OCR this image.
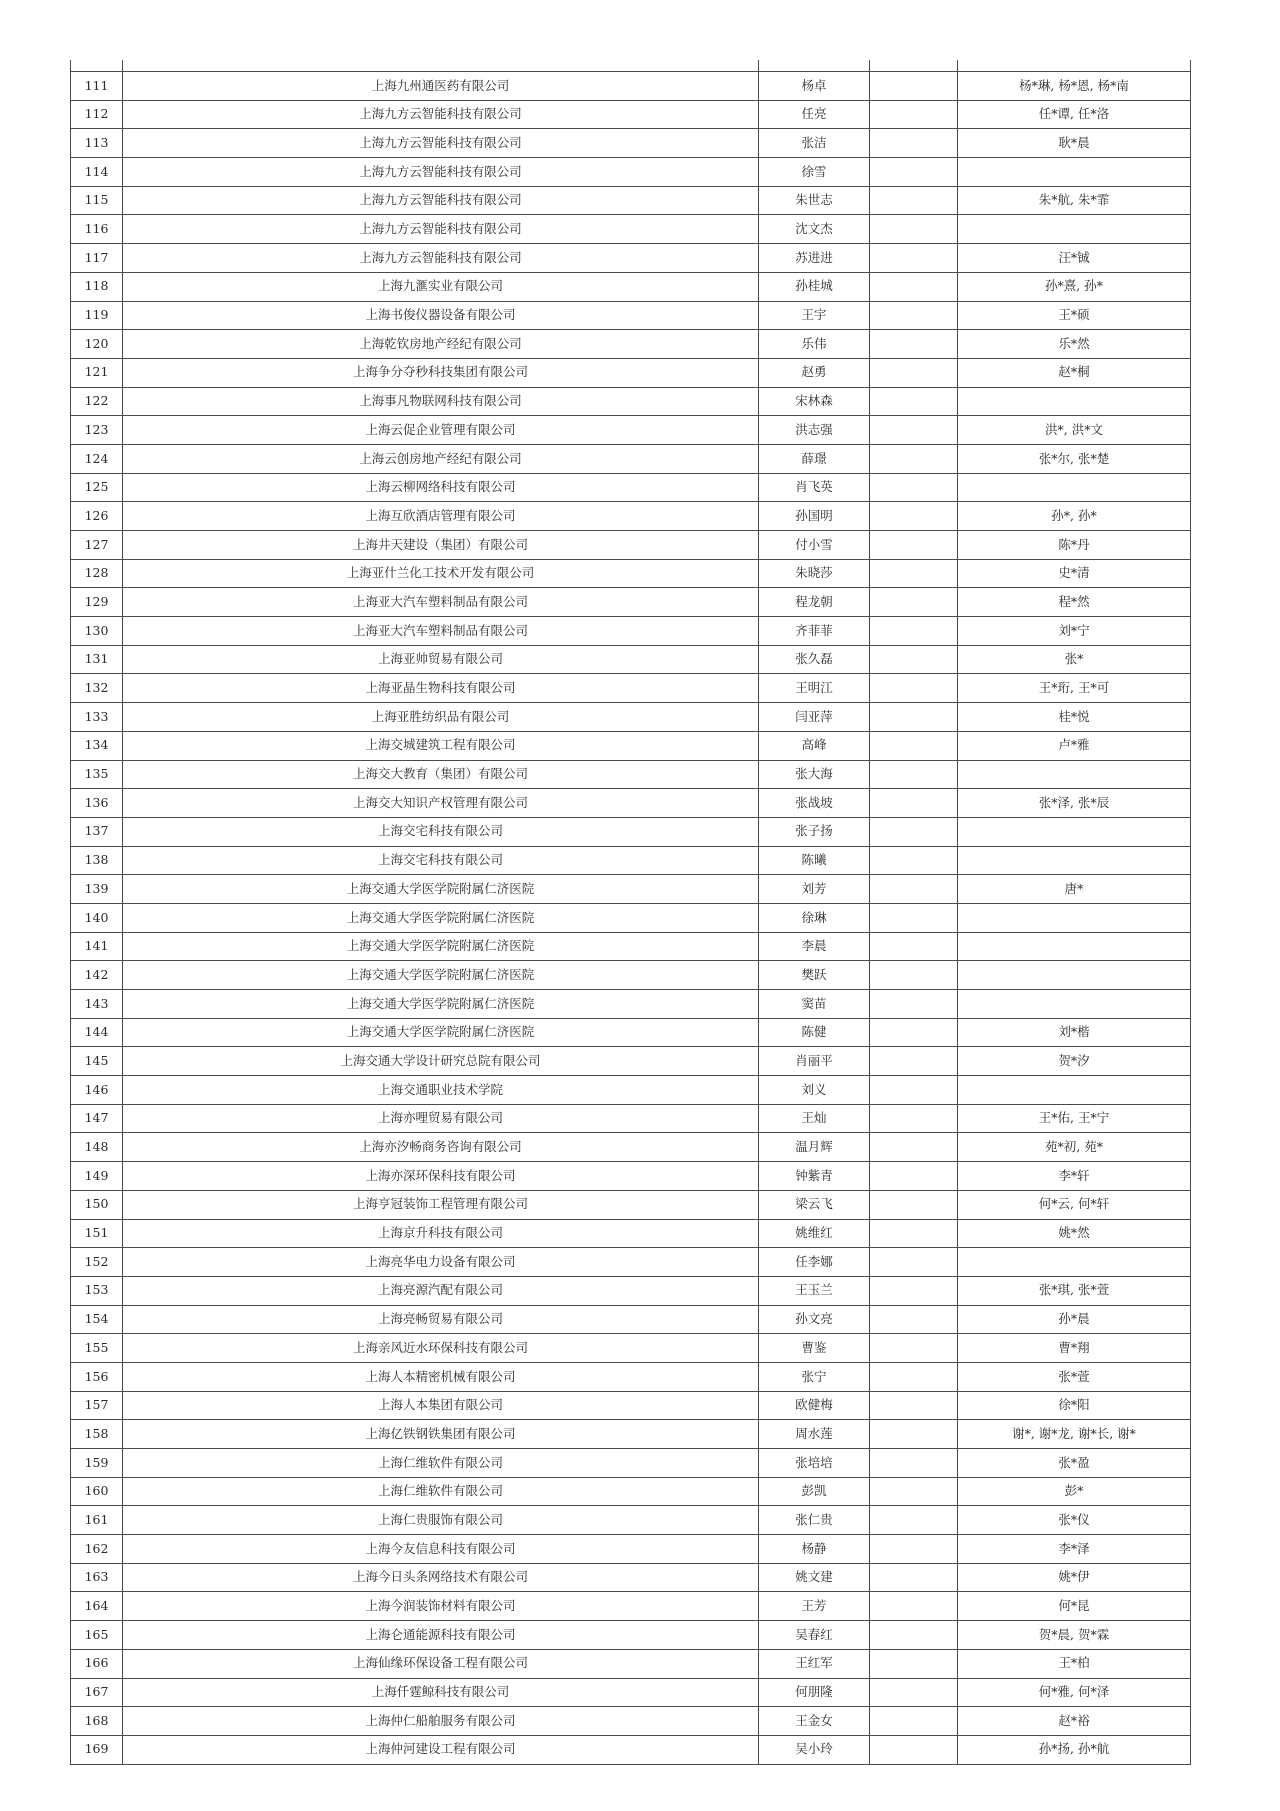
111	上海九州通医药有限公司	杨卓		杨*琳, 杨*恩, 杨*南
112	上海九方云智能科技有限公司	任亮		任*谭, 任*洛
113	上海九方云智能科技有限公司	张洁		耿*晨
114	上海九方云智能科技有限公司	徐雪		
115	上海九方云智能科技有限公司	朱世志		朱*航, 朱*霏
116	上海九方云智能科技有限公司	沈文杰		
117	上海九方云智能科技有限公司	苏进进		汪*铖
118	上海九滙实业有限公司	孙桂城		孙*熹, 孙*
119	上海书俊仪器设备有限公司	王宇		王*硕
120	上海乾钦房地产经纪有限公司	乐伟		乐*然
121	上海争分夺秒科技集团有限公司	赵勇		赵*桐
122	上海事凡物联网科技有限公司	宋林森		
123	上海云促企业管理有限公司	洪志强		洪*, 洪*文
124	上海云创房地产经纪有限公司	薛璟		张*尔, 张*楚
125	上海云柳网络科技有限公司	肖飞英		
126	上海互欣酒店管理有限公司	孙国明		孙*, 孙*
127	上海井天建设（集团）有限公司	付小雪		陈*丹
128	上海亚什兰化工技术开发有限公司	朱晓莎		史*清
129	上海亚大汽车塑料制品有限公司	程龙朝		程*然
130	上海亚大汽车塑料制品有限公司	齐菲菲		刘*宁
131	上海亚帅贸易有限公司	张久磊		张*
132	上海亚晶生物科技有限公司	王明江		王*珩, 王*可
133	上海亚胜纺织品有限公司	闫亚萍		桂*悦
134	上海交城建筑工程有限公司	高峰		卢*雅
135	上海交大教育（集团）有限公司	张大海		
136	上海交大知识产权管理有限公司	张战坡		张*泽, 张*辰
137	上海交宅科技有限公司	张子扬		
138	上海交宅科技有限公司	陈曦		
139	上海交通大学医学院附属仁济医院	刘芳		唐*
140	上海交通大学医学院附属仁济医院	徐琳		
141	上海交通大学医学院附属仁济医院	李晨		
142	上海交通大学医学院附属仁济医院	樊跃		
143	上海交通大学医学院附属仁济医院	窦苗		
144	上海交通大学医学院附属仁济医院	陈健		刘*楷
145	上海交通大学设计研究总院有限公司	肖丽平		贺*汐
146	上海交通职业技术学院	刘义		
147	上海亦哩贸易有限公司	王灿		王*佑, 王*宁
148	上海亦汐畅商务咨询有限公司	温月辉		苑*初, 苑*
149	上海亦深环保科技有限公司	钟紫青		李*轩
150	上海亨冠装饰工程管理有限公司	梁云飞		何*云, 何*轩
151	上海京升科技有限公司	姚维红		姚*然
152	上海亮华电力设备有限公司	任李娜		
153	上海亮源汽配有限公司	王玉兰		张*琪, 张*萱
154	上海亮畅贸易有限公司	孙文亮		孙*晨
155	上海亲风近水环保科技有限公司	曹鉴		曹*翔
156	上海人本精密机械有限公司	张宁		张*萱
157	上海人本集团有限公司	欧健梅		徐*阳
158	上海亿铁钢铁集团有限公司	周水莲		谢*, 谢*龙, 谢*长, 谢*
159	上海仁维软件有限公司	张培培		张*盈
160	上海仁维软件有限公司	彭凯		彭*
161	上海仁贵服饰有限公司	张仁贵		张*仪
162	上海今友信息科技有限公司	杨静		李*泽
163	上海今日头条网络技术有限公司	姚文建		姚*伊
164	上海今润装饰材料有限公司	王芳		何*昆
165	上海仑通能源科技有限公司	吴春红		贺*晨, 贺*霖
166	上海仙缘环保设备工程有限公司	王红军		王*柏
167	上海仟霆鲸科技有限公司	何朋隆		何*雅, 何*泽
168	上海仲仁船舶服务有限公司	王金女		赵*裕
169	上海仲河建设工程有限公司	吴小玲		孙*扬, 孙*航
